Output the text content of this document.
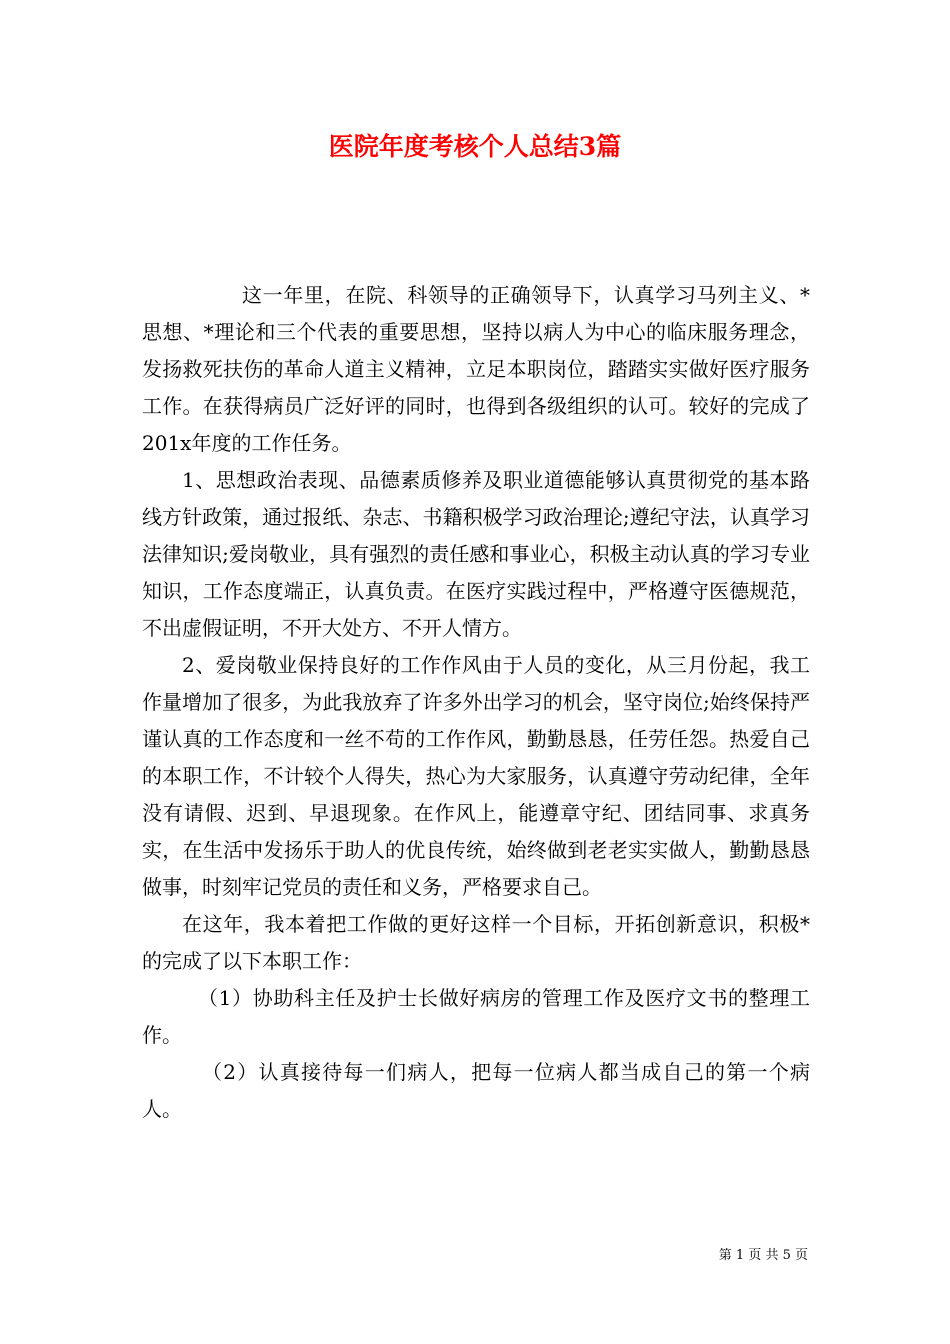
医院年度考核个人总结3篇

这一年里，在院、科领导的正确领导下，认真学习马列主义、*思想、*理论和三个代表的重要思想，坚持以病人为中心的临床服务理念，发扬救死扶伤的革命人道主义精神，立足本职岗位，踏踏实实做好医疗服务工作。在获得病员广泛好评的同时，也得到各级组织的认可。较好的完成了201x年度的工作任务。

1、思想政治表现、品德素质修养及职业道德能够认真贯彻党的基本路线方针政策，通过报纸、杂志、书籍积极学习政治理论;遵纪守法，认真学习法律知识;爱岗敬业，具有强烈的责任感和事业心，积极主动认真的学习专业知识，工作态度端正，认真负责。在医疗实践过程中，严格遵守医德规范，不出虚假证明，不开大处方、不开人情方。

2、爱岗敬业保持良好的工作作风由于人员的变化，从三月份起，我工作量增加了很多，为此我放弃了许多外出学习的机会，坚守岗位;始终保持严谨认真的工作态度和一丝不苟的工作作风，勤勤恳恳，任劳任怨。热爱自己的本职工作，不计较个人得失，热心为大家服务，认真遵守劳动纪律，全年没有请假、迟到、早退现象。在作风上，能遵章守纪、团结同事、求真务实，在生活中发扬乐于助人的优良传统，始终做到老老实实做人，勤勤恳恳做事，时刻牢记党员的责任和义务，严格要求自己。

在这年，我本着把工作做的更好这样一个目标，开拓创新意识，积极*的完成了以下本职工作：

（1）协助科主任及护士长做好病房的管理工作及医疗文书的整理工作。

（2）认真接待每一们病人，把每一位病人都当成自己的第一个病人。

第 1 页 共 5 页
